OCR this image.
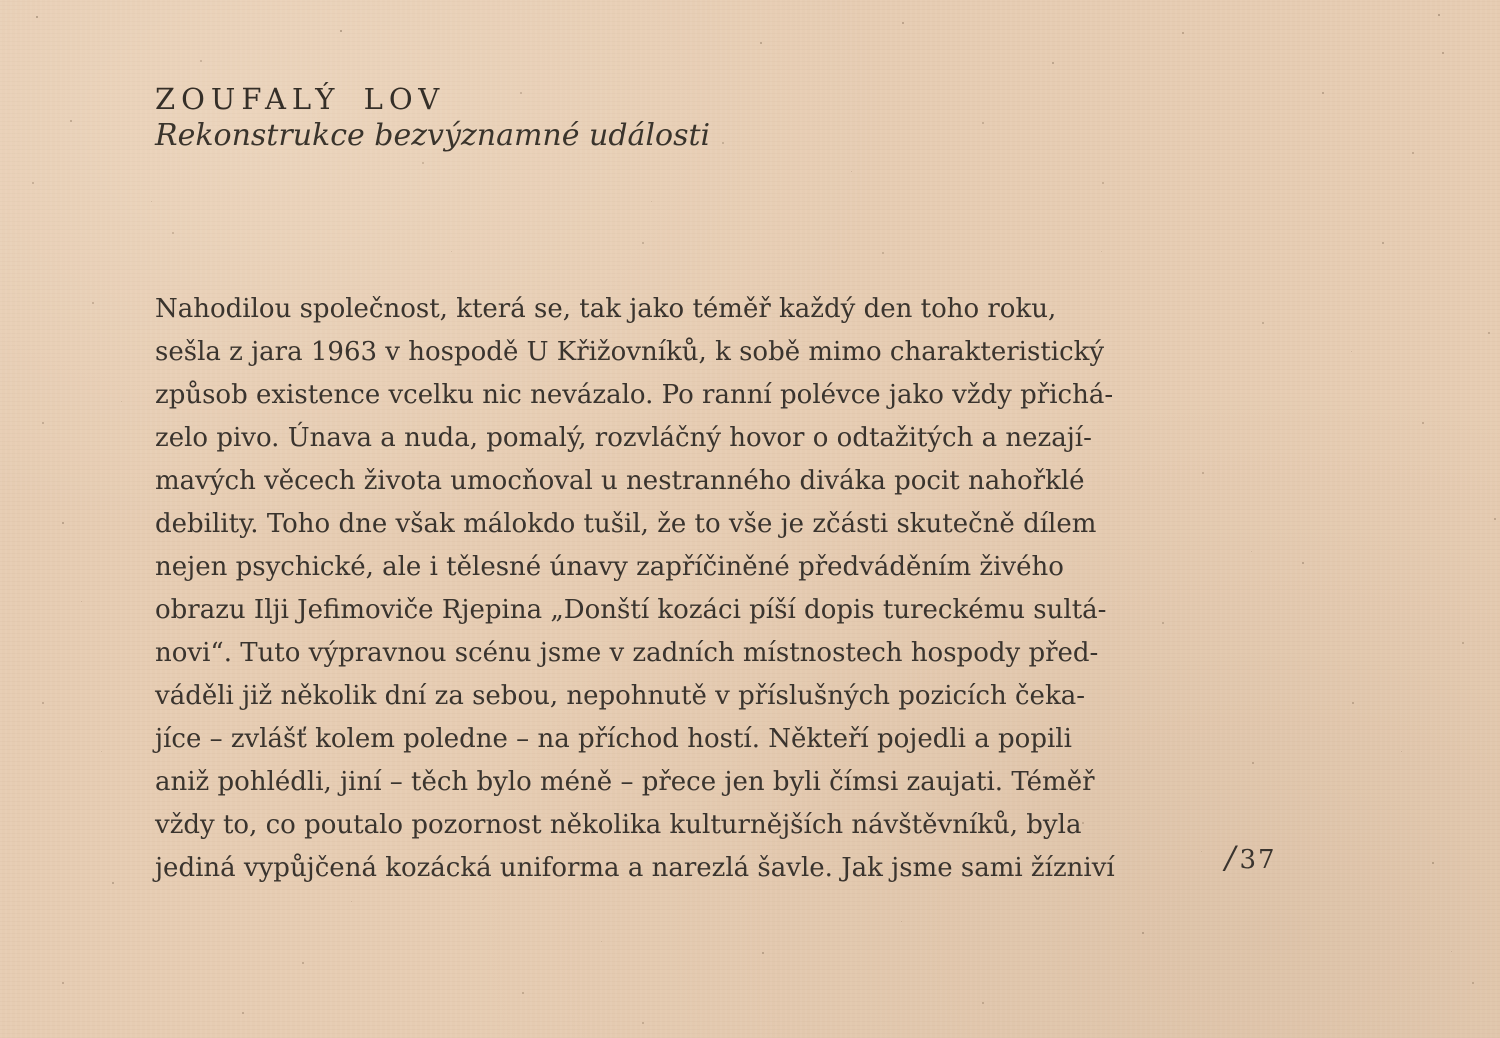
ZOUFALÝ LOV
Rekonstrukce bezvýznamné události
Nahodilou společnost, která se, tak jako téměř každý den toho roku,
sešla z jara 1963 v hospodě U Křižovníků, k sobě mimo charakteristický
způsob existence vcelku nic nevázalo. Po ranní polévce jako vždy přichá-
zelo pivo. Únava a nuda, pomalý, rozvláčný hovor o odtažitých a nezají-
mavých věcech života umocňoval u nestranného diváka pocit nahořklé
debility. Toho dne však málokdo tušil, že to vše je zčásti skutečně dílem
nejen psychické, ale i tělesné únavy zapříčiněné předváděním živého
obrazu Ilji Jefimoviče Rjepina „Donští kozáci píší dopis tureckému sultá-
novi“. Tuto výpravnou scénu jsme v zadních místnostech hospody před-
váděli již několik dní za sebou, nepohnutě v příslušných pozicích čeka-
jíce – zvlášť kolem poledne – na příchod hostí. Někteří pojedli a popili
aniž pohlédli, jiní – těch bylo méně – přece jen byli čímsi zaujati. Téměř
vždy to, co poutalo pozornost několika kulturnějších návštěvníků, byla
jediná vypůjčená kozácká uniforma a narezlá šavle. Jak jsme sami žízniví	/37
